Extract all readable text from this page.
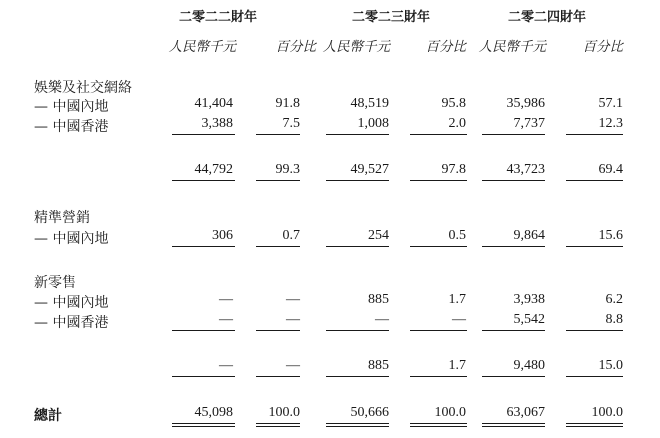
二零二二財年	二零二三財年	二零二四財年
人民幣千元	百分比 人民幣千元	百分比 人民幣千元	百分比
娛樂及社交網絡
— 中國內地	41,404	91.8	48,519	95.8	35,986	57.1
— 中國香港	3,388	7.5	1,008	2.0	7,737	12.3
44,792	99.3	49,527	97.8	43,723	69.4
精準營銷
— 中國內地	306	0.7	254	0.5	9,864	15.6
新零售
— 中國內地	—	—	885	1.7	3,938	6.2
— 中國香港	—	—	—	—	5,542	8.8
—	—	885	1.7	9,480	15.0
總計	45,098	100.0	50,666	100.0	63,067	100.0
